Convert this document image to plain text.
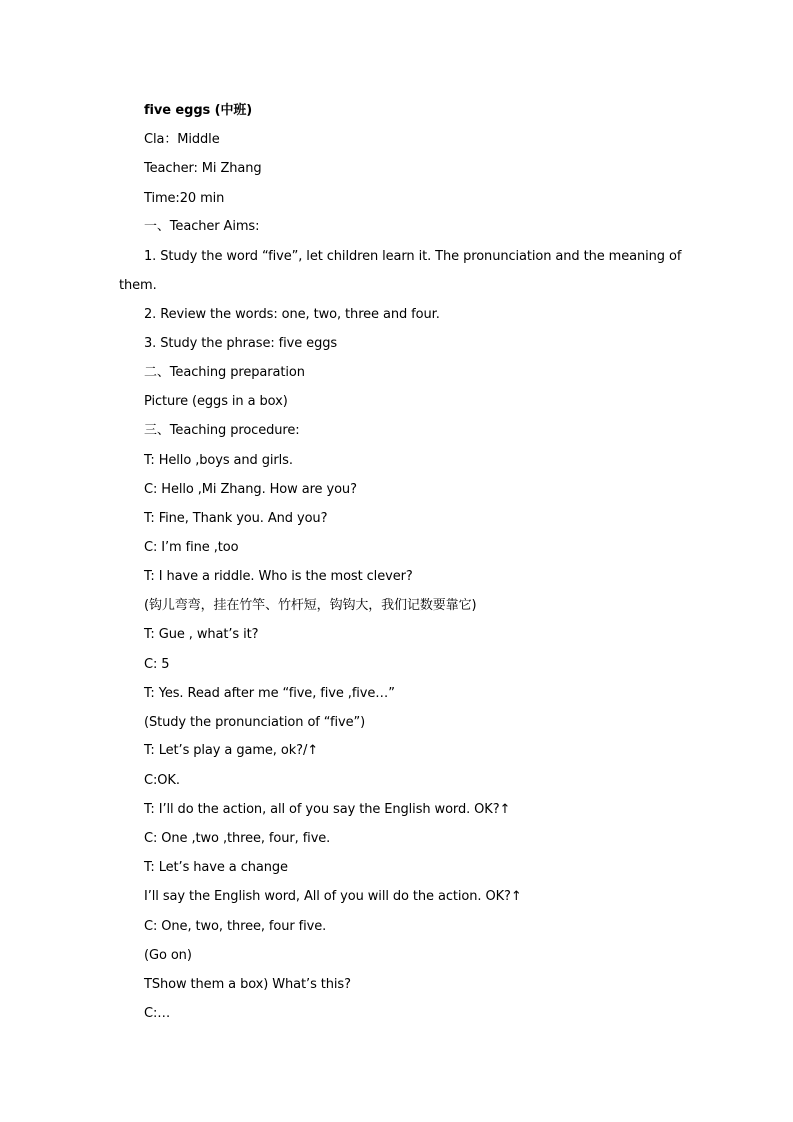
five eggs (中班)
Cla：Middle
Teacher: Mi Zhang
Time:20 min
一、Teacher Aims:
1. Study the word “five”, let children learn it. The pronunciation and the meaning of
them.
2. Review the words: one, two, three and four.
3. Study the phrase: five eggs
二、Teaching preparation
Picture (eggs in a box)
三、Teaching procedure:
T: Hello ,boys and girls.
C: Hello ,Mi Zhang. How are you?
T: Fine, Thank you. And you?
C: I’m fine ,too
T: I have a riddle. Who is the most clever?
(钩儿弯弯，挂在竹竿、竹杆短，钩钩大，我们记数要靠它)
T: Gue , what’s it?
C: 5
T: Yes. Read after me “five, five ,five…”
(Study the pronunciation of “five”)
T: Let’s play a game, ok?/↑
C:OK.
T: I’ll do the action, all of you say the English word. OK?↑
C: One ,two ,three, four, five.
T: Let’s have a change
I’ll say the English word, All of you will do the action. OK?↑
C: One, two, three, four five.
(Go on)
TShow them a box) What’s this?
C:…
